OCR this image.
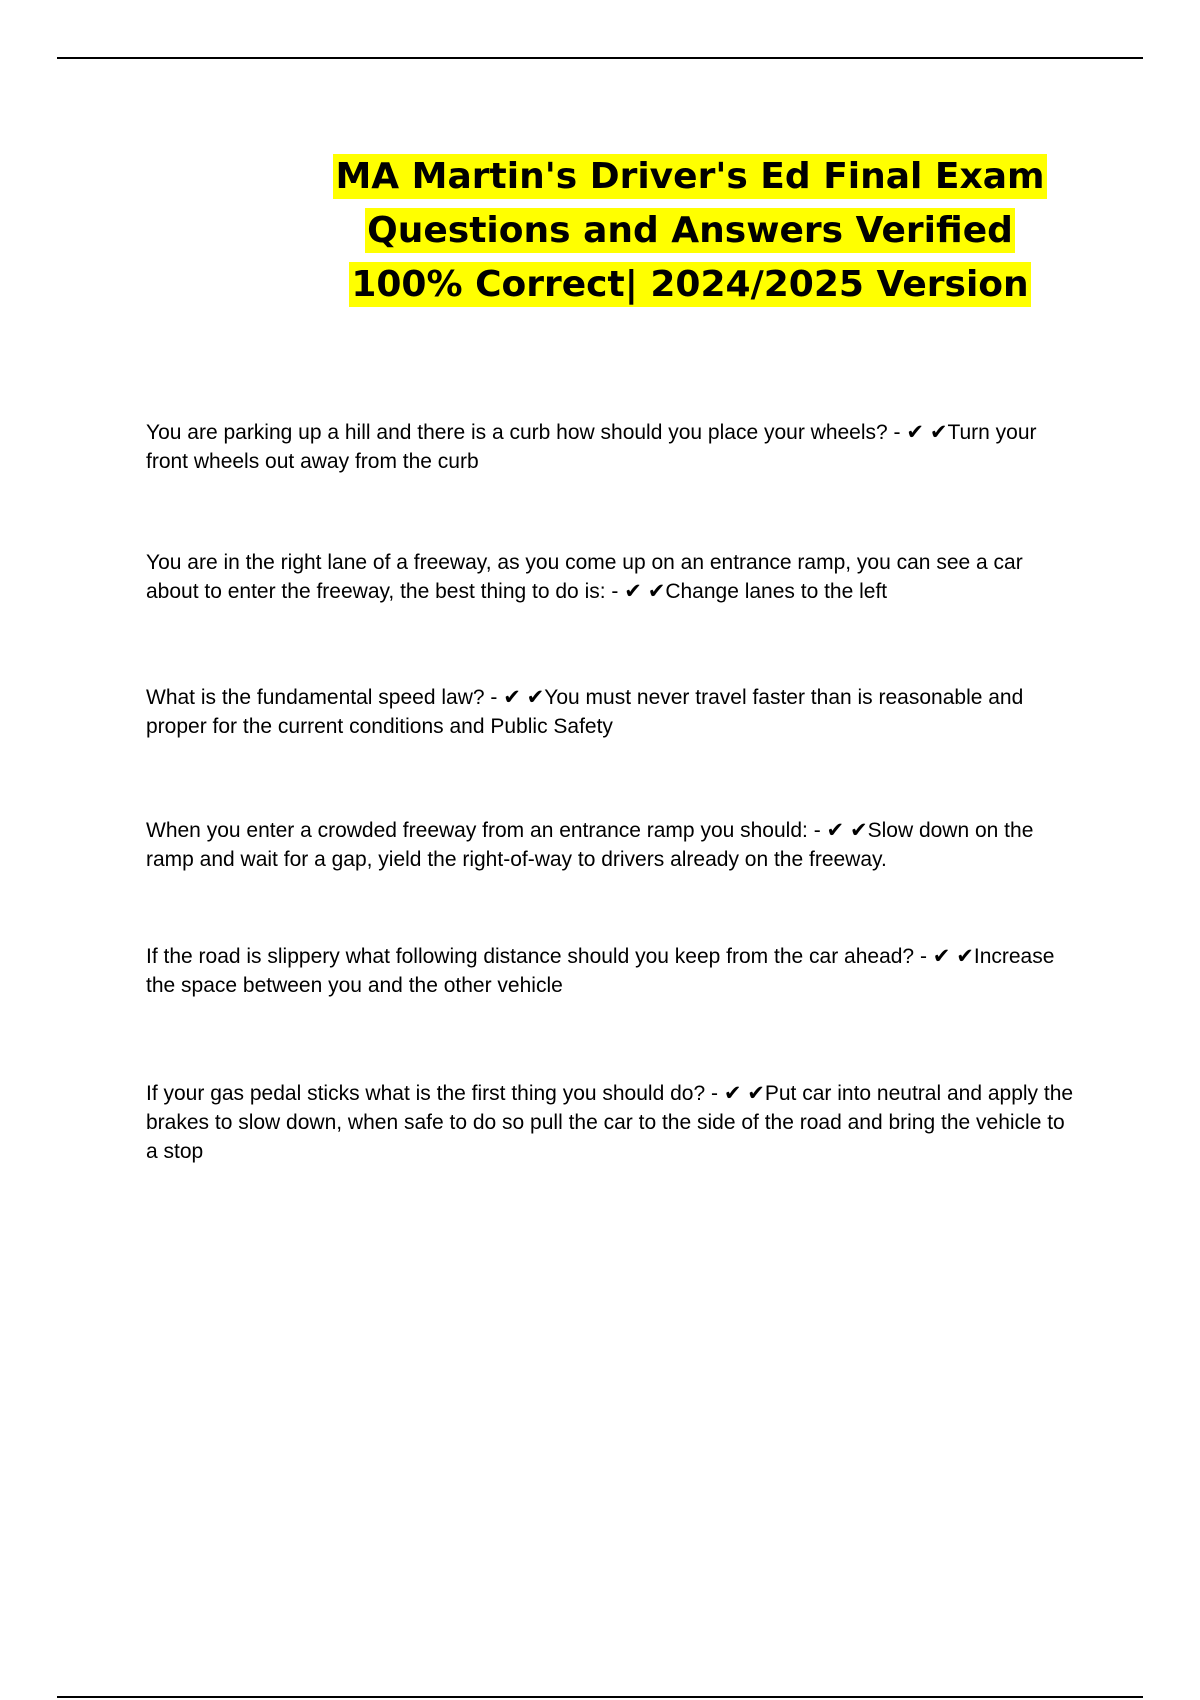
MA Martin's Driver's Ed Final Exam Questions and Answers Verified 100% Correct| 2024/2025 Version
You are parking up a hill and there is a curb how should you place your wheels? - ✔ ✔Turn your front wheels out away from the curb
You are in the right lane of a freeway, as you come up on an entrance ramp, you can see a car about to enter the freeway, the best thing to do is: - ✔ ✔Change lanes to the left
What is the fundamental speed law? - ✔ ✔You must never travel faster than is reasonable and proper for the current conditions and Public Safety
When you enter a crowded freeway from an entrance ramp you should: - ✔ ✔Slow down on the ramp and wait for a gap, yield the right-of-way to drivers already on the freeway.
If the road is slippery what following distance should you keep from the car ahead? - ✔ ✔Increase the space between you and the other vehicle
If your gas pedal sticks what is the first thing you should do? - ✔ ✔Put car into neutral and apply the brakes to slow down, when safe to do so pull the car to the side of the road and bring the vehicle to a stop
